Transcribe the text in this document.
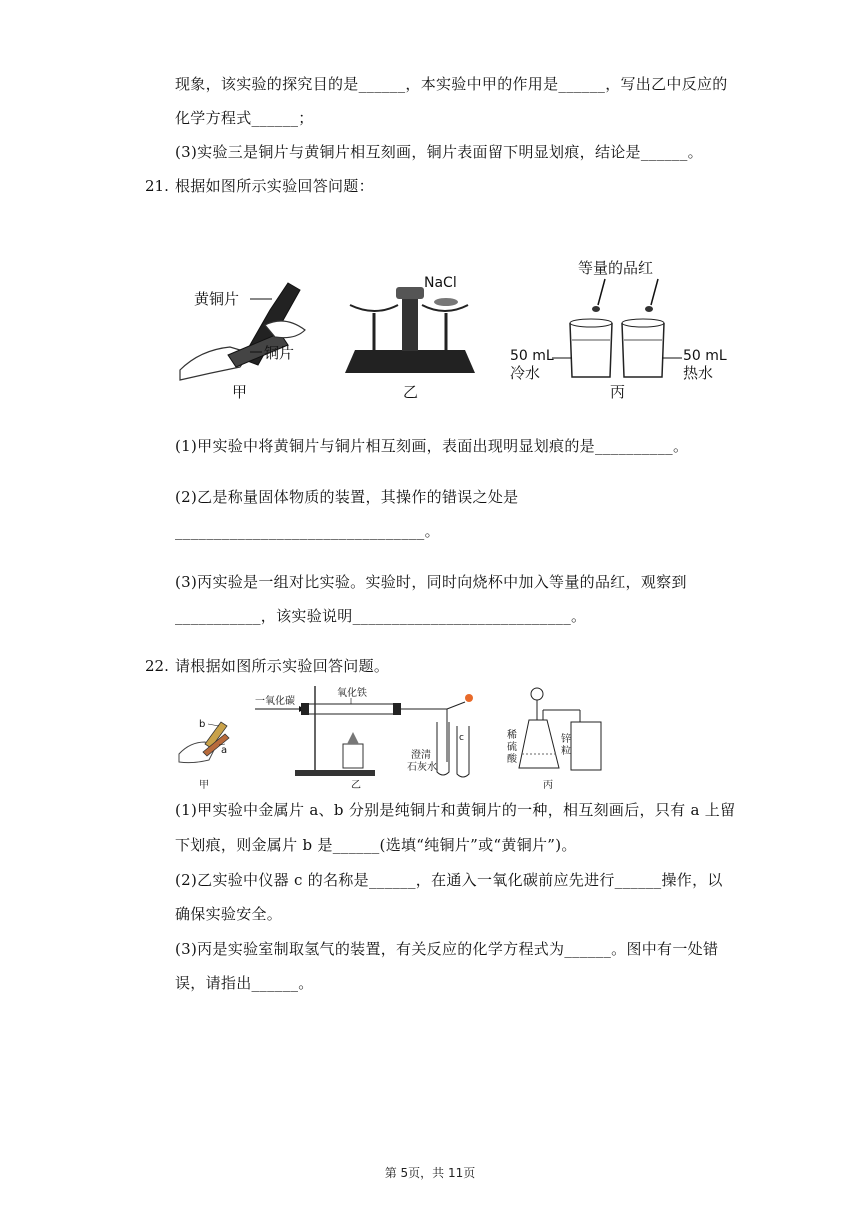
现象，该实验的探究目的是______，本实验中甲的作用是______，写出乙中反应的
化学方程式______；
(3)实验三是铜片与黄铜片相互刻画，铜片表面留下明显划痕，结论是______。
21. 根据如图所示实验回答问题：
黄铜片
铜片
甲
NaCl
乙
等量的品红
50 mL
冷水
50 mL
热水
丙
(1)甲实验中将黄铜片与铜片相互刻画，表面出现明显划痕的是__________。
(2)乙是称量固体物质的装置，其操作的错误之处是
________________________________。
(3)丙实验是一组对比实验。实验时，同时向烧杯中加入等量的品红，观察到
___________，该实验说明____________________________。
22. 请根据如图所示实验回答问题。
b
a
甲
一氧化碳
氧化铁
c
澄清
石灰水
乙
稀
硫
酸
锌
粒
丙
(1)甲实验中金属片 a、b 分别是纯铜片和黄铜片的一种，相互刻画后，只有 a 上留
下划痕，则金属片 b 是______(选填“纯铜片”或“黄铜片”)。
(2)乙实验中仪器 c 的名称是______，在通入一氧化碳前应先进行______操作，以
确保实验安全。
(3)丙是实验室制取氢气的装置，有关反应的化学方程式为______。图中有一处错
误，请指出______。
第 5页，共 11页
